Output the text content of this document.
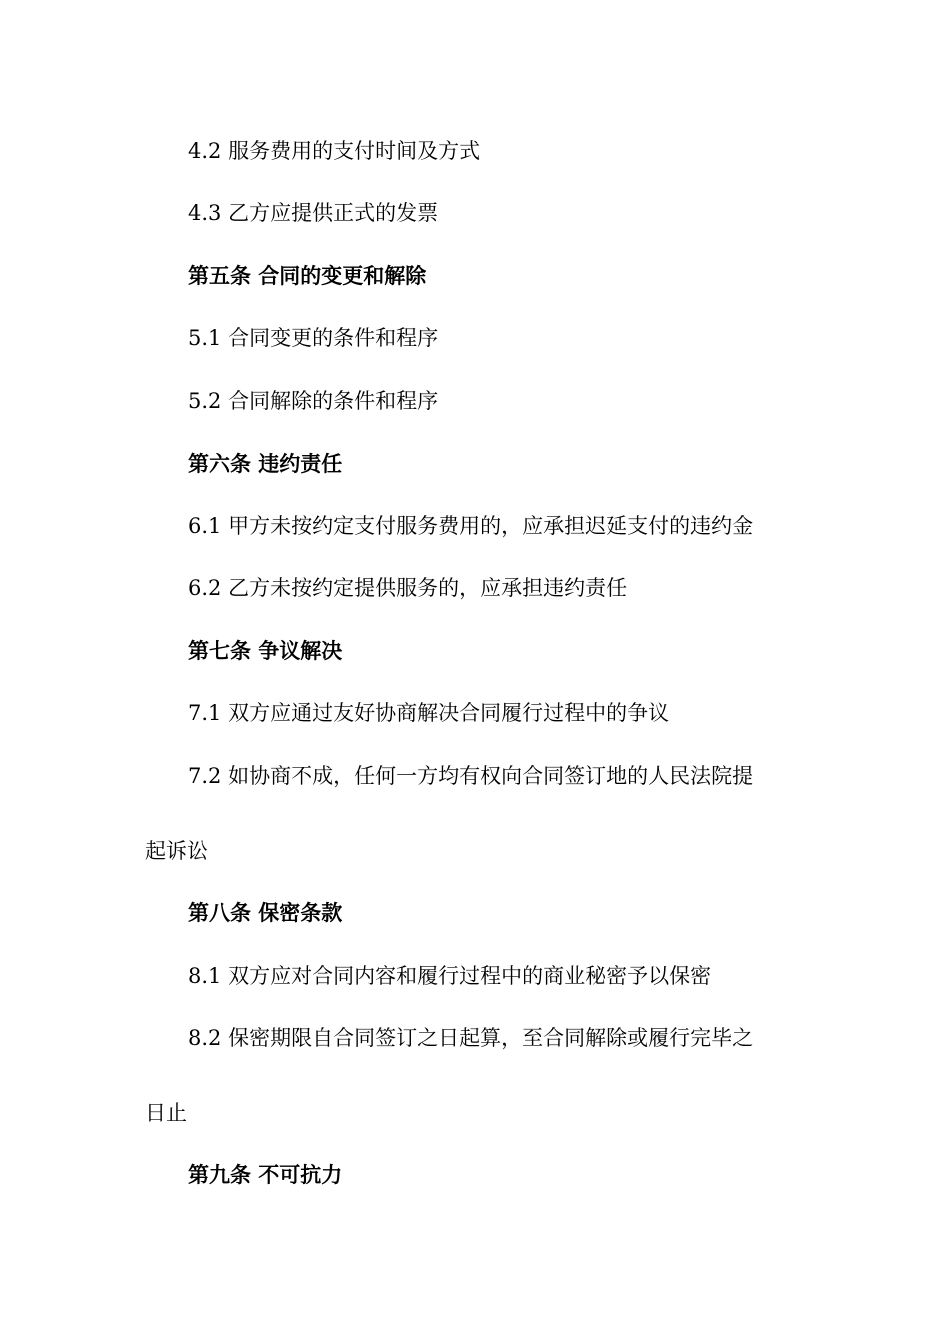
4.2 服务费用的支付时间及方式
4.3 乙方应提供正式的发票
第五条 合同的变更和解除
5.1 合同变更的条件和程序
5.2 合同解除的条件和程序
第六条 违约责任
6.1 甲方未按约定支付服务费用的，应承担迟延支付的违约金
6.2 乙方未按约定提供服务的，应承担违约责任
第七条 争议解决
7.1 双方应通过友好协商解决合同履行过程中的争议
7.2 如协商不成，任何一方均有权向合同签订地的人民法院提
起诉讼
第八条 保密条款
8.1 双方应对合同内容和履行过程中的商业秘密予以保密
8.2 保密期限自合同签订之日起算，至合同解除或履行完毕之
日止
第九条 不可抗力
